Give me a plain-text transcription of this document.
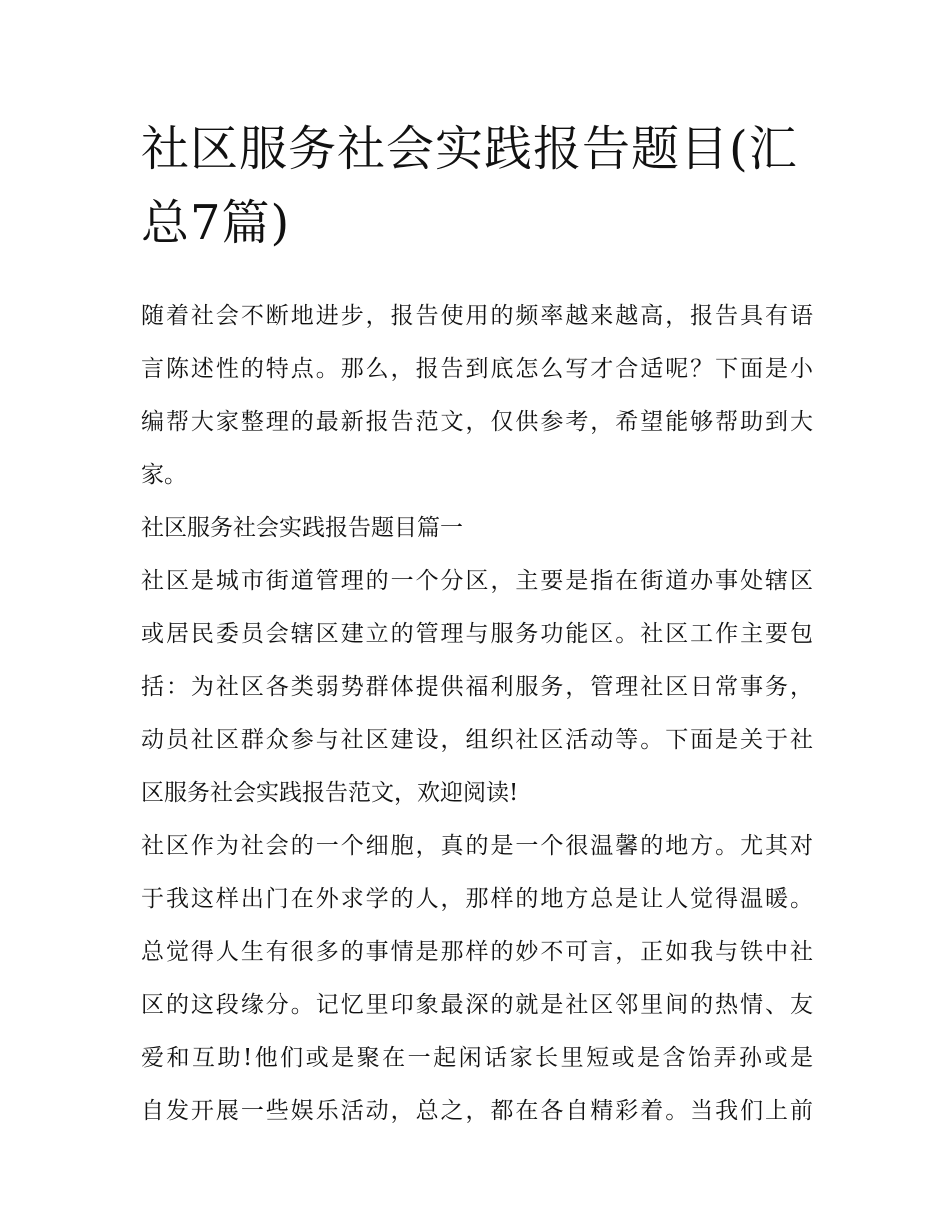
社区服务社会实践报告题目(汇
总7篇)
随着社会不断地进步，报告使用的频率越来越高，报告具有语
言陈述性的特点。那么，报告到底怎么写才合适呢？下面是小
编帮大家整理的最新报告范文，仅供参考，希望能够帮助到大
家。
社区服务社会实践报告题目篇一
社区是城市街道管理的一个分区，主要是指在街道办事处辖区
或居民委员会辖区建立的管理与服务功能区。社区工作主要包
括：为社区各类弱势群体提供福利服务，管理社区日常事务，
动员社区群众参与社区建设，组织社区活动等。下面是关于社
区服务社会实践报告范文，欢迎阅读!
社区作为社会的一个细胞，真的是一个很温馨的地方。尤其对
于我这样出门在外求学的人，那样的地方总是让人觉得温暖。
总觉得人生有很多的事情是那样的妙不可言，正如我与铁中社
区的这段缘分。记忆里印象最深的就是社区邻里间的热情、友
爱和互助!他们或是聚在一起闲话家长里短或是含饴弄孙或是
自发开展一些娱乐活动，总之，都在各自精彩着。当我们上前
